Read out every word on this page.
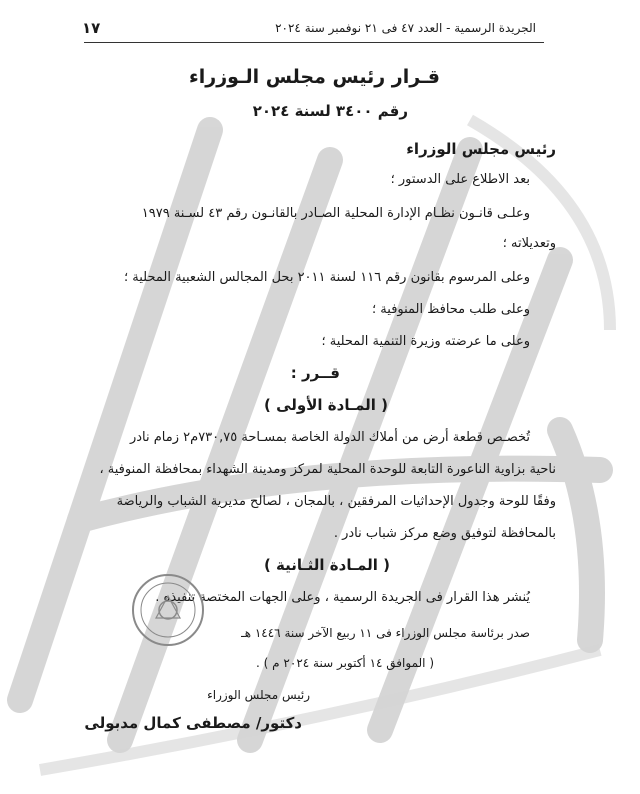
١٧	الجريدة الرسمية - العدد ٤٧ فى ٢١ نوفمبر سنة ٢٠٢٤
قـرار رئيس مجلس الـوزراء
رقم ٣٤٠٠ لسنة ٢٠٢٤
رئيس مجلس الوزراء
بعد الاطلاع على الدستور ؛
وعلـى قانـون نظـام الإدارة المحلية الصـادر بالقانـون رقم ٤٣ لسـنة ١٩٧٩
وتعديلاته ؛
وعلى المرسوم بقانون رقم ١١٦ لسنة ٢٠١١ بحل المجالس الشعبية المحلية ؛
وعلى طلب محافظ المنوفية ؛
وعلى ما عرضته وزيرة التنمية المحلية ؛
قــرر :
( المـادة الأولى )
تُخصـص قطعة أرض من أملاك الدولة الخاصة بمسـاحة ٧٣٠,٧٥م٢ زمام نادر
ناحية بزاوية الناعورة التابعة للوحدة المحلية لمركز ومدينة الشهداء بمحافظة المنوفية ،
وفقًا للوحة وجدول الإحداثيات المرفقين ، بالمجان ، لصالح مديرية الشباب والرياضة
بالمحافظة لتوفيق وضع مركز شباب نادر .
( المـادة الثـانية )
يُنشر هذا القرار فى الجريدة الرسمية ، وعلى الجهات المختصة تنفيذه .
صدر برئاسة مجلس الوزراء فى ١١ ربيع الآخر سنة ١٤٤٦ هـ
( الموافق ١٤ أكتوبر سنة ٢٠٢٤ م ) .
رئيس مجلس الوزراء
دكتور/ مصطفى كمال مدبولى
